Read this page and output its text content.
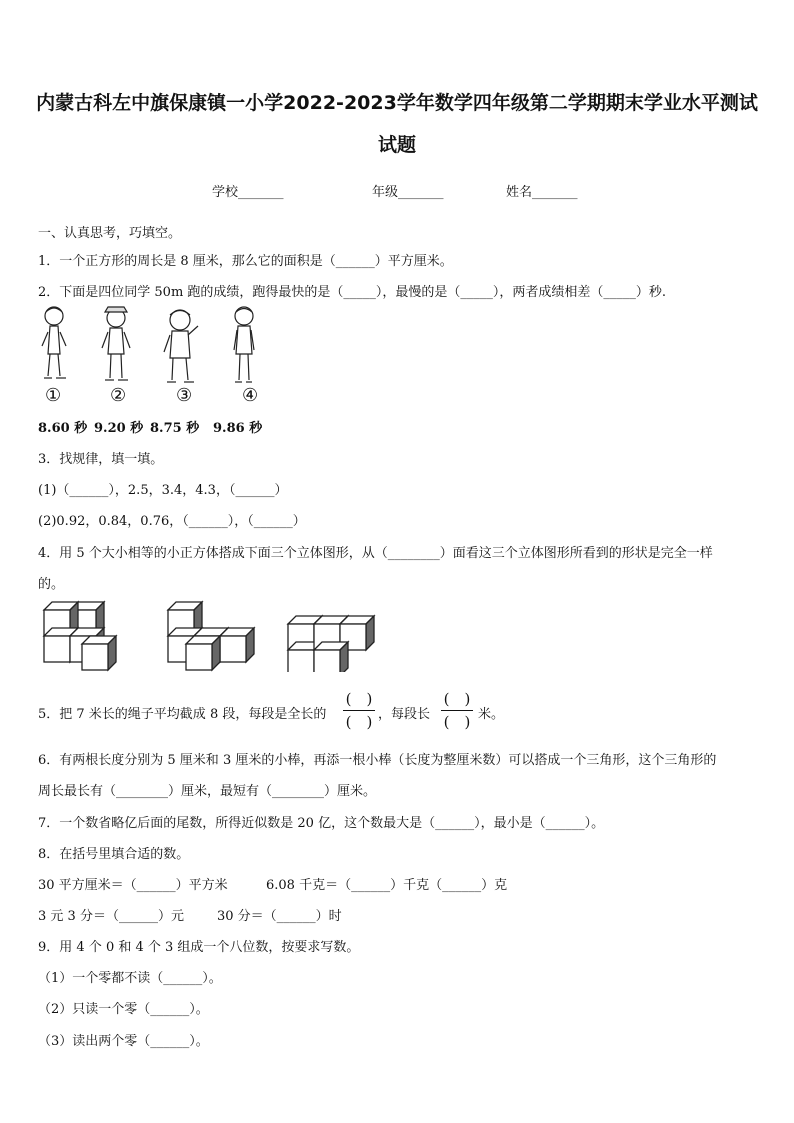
内蒙古科左中旗保康镇一小学2022-2023学年数学四年级第二学期期末学业水平测试
试题
学校_______	年级_______	姓名_______
一、认真思考，巧填空。
1．一个正方形的周长是 8 厘米，那么它的面积是（______）平方厘米。
2．下面是四位同学 50m 跑的成绩，跑得最快的是（_____），最慢的是（_____），两者成绩相差（_____）秒.
①	②	③	④
8.60 秒 9.20 秒 8.75 秒 9.86 秒
3．找规律，填一填。
(1)（______），2.5，3.4，4.3，（______）
(2)0.92，0.84，0.76，（______），（______）
4．用 5 个大小相等的小正方体搭成下面三个立体图形，从（________）面看这三个立体图形所看到的形状是完全一样
的。
5．把 7 米长的绳子平均截成 8 段，每段是全长的
(　)
(　) ，每段长
(　)
(　) 米。
6．有两根长度分别为 5 厘米和 3 厘米的小棒，再添一根小棒（长度为整厘米数）可以搭成一个三角形，这个三角形的
周长最长有（________）厘米，最短有（________）厘米。
7．一个数省略亿后面的尾数，所得近似数是 20 亿，这个数最大是（______），最小是（______）。
8．在括号里填合适的数。
30 平方厘米＝（______）平方米	6.08 千克＝（______）千克（______）克
3 元 3 分＝（______）元	30 分＝（______）时
9．用 4 个 0 和 4 个 3 组成一个八位数，按要求写数。
（1）一个零都不读（______）。
（2）只读一个零（______）。
（3）读出两个零（______）。
